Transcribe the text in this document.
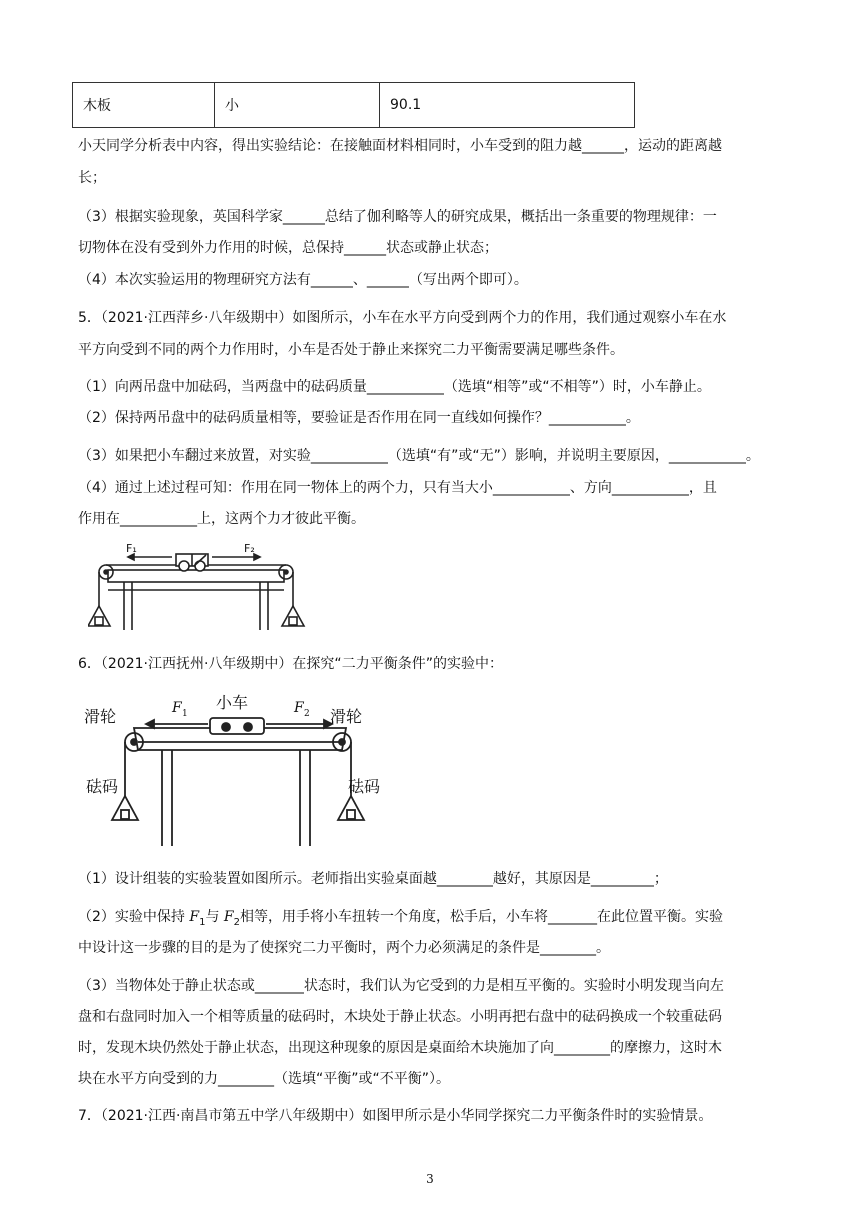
木板	小	90.1
小天同学分析表中内容，得出实验结论：在接触面材料相同时，小车受到的阻力越______，运动的距离越
长；
（3）根据实验现象，英国科学家______总结了伽利略等人的研究成果，概括出一条重要的物理规律：一
切物体在没有受到外力作用的时候，总保持______状态或静止状态；
（4）本次实验运用的物理研究方法有______、______（写出两个即可）。
5．（2021·江西萍乡·八年级期中）如图所示，小车在水平方向受到两个力的作用，我们通过观察小车在水
平方向受到不同的两个力作用时，小车是否处于静止来探究二力平衡需要满足哪些条件。
（1）向两吊盘中加砝码，当两盘中的砝码质量___________（选填“相等”或“不相等”）时，小车静止。
（2）保持两吊盘中的砝码质量相等，要验证是否作用在同一直线如何操作？___________。
（3）如果把小车翻过来放置，对实验___________（选填“有”或“无”）影响，并说明主要原因，___________。
（4）通过上述过程可知：作用在同一物体上的两个力，只有当大小___________、方向___________，且
作用在___________上，这两个力才彼此平衡。
F₁	F₂
6．（2021·江西抚州·八年级期中）在探究“二力平衡条件”的实验中：
滑轮	滑轮
小车
砝码	砝码
F 1	F 2
（1）设计组装的实验装置如图所示。老师指出实验桌面越________越好，其原因是_________；
（2）实验中保持 $F_1$与 $F_2$相等，用手将小车扭转一个角度，松手后，小车将_______在此位置平衡。实验
中设计这一步骤的目的是为了使探究二力平衡时，两个力必须满足的条件是________。
（3）当物体处于静止状态或_______状态时，我们认为它受到的力是相互平衡的。实验时小明发现当向左
盘和右盘同时加入一个相等质量的砝码时，木块处于静止状态。小明再把右盘中的砝码换成一个较重砝码
时，发现木块仍然处于静止状态，出现这种现象的原因是桌面给木块施加了向________的摩擦力，这时木
块在水平方向受到的力________（选填“平衡”或“不平衡”）。
7．（2021·江西·南昌市第五中学八年级期中）如图甲所示是小华同学探究二力平衡条件时的实验情景。
3
